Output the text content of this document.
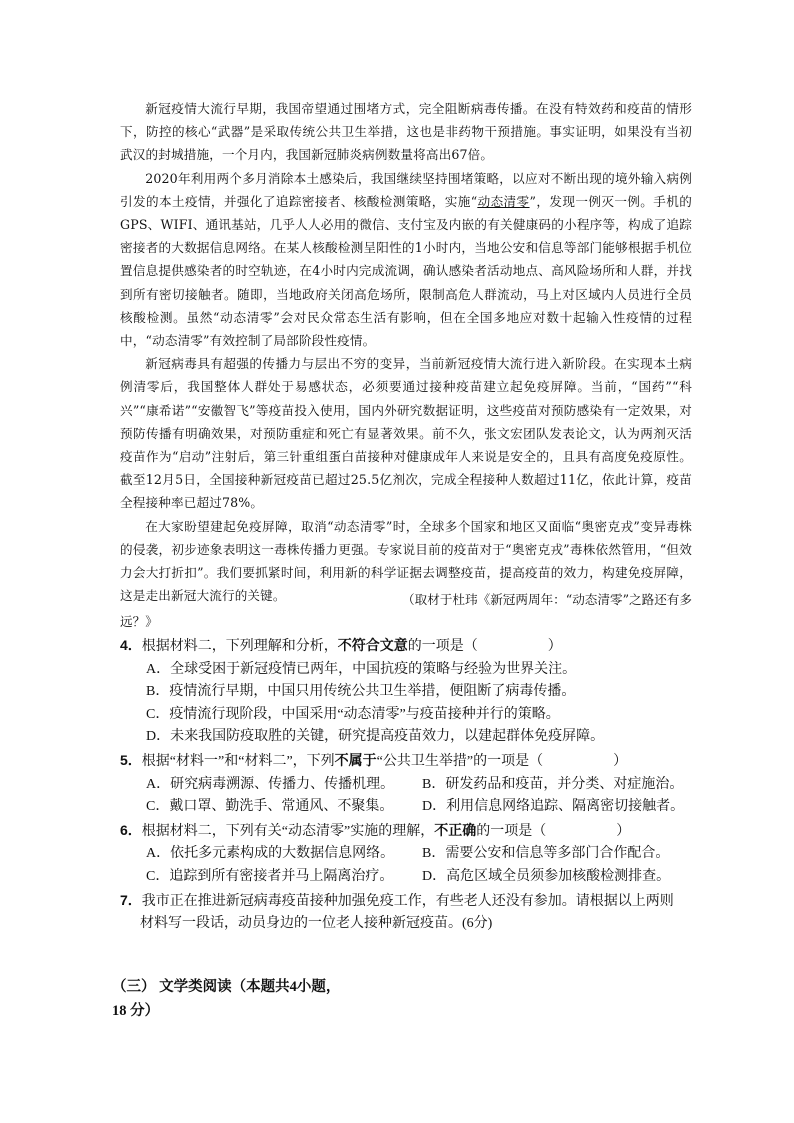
新冠疫情大流行早期，我国帝望通过围堵方式，完全阻断病毒传播。在没有特效药和疫苗的情形下，防控的核心“武器”是采取传统公共卫生举措，这也是非药物干预措施。事实证明，如果没有当初武汉的封城措施，一个月内，我国新冠肺炎病例数量将高出67倍。

2020年利用两个多月消除本土感染后，我国继续坚持围堵策略，以应对不断出现的境外输入病例引发的本土疫情，并强化了追踪密接者、核酸检测策略，实施“动态清零”，发现一例灭一例。手机的GPS、WIFI、通讯基站，几乎人人必用的微信、支付宝及内嵌的有关健康码的小程序等，构成了追踪密接者的大数据信息网络。在某人核酸检测呈阳性的1小时内，当地公安和信息等部门能够根据手机位置信息提供感染者的时空轨迹，在4小时内完成流调，确认感染者活动地点、高风险场所和人群，并找到所有密切接触者。随即，当地政府关闭高危场所，限制高危人群流动，马上对区域内人员进行全员核酸检测。虽然“动态清零”会对民众常态生活有影响，但在全国多地应对数十起输入性疫情的过程中，“动态清零”有效控制了局部阶段性疫情。

新冠病毒具有超强的传播力与层出不穷的变异，当前新冠疫情大流行进入新阶段。在实现本土病例清零后，我国整体人群处于易感状态，必须要通过接种疫苗建立起免疫屏障。当前，“国药”“科兴”“康希诺”“安徽智飞”等疫苗投入使用，国内外研究数据证明，这些疫苗对预防感染有一定效果，对预防传播有明确效果，对预防重症和死亡有显著效果。前不久，张文宏团队发表论文，认为两剂灭活疫苗作为“启动”注射后，第三针重组蛋白苗接种对健康成年人来说是安全的，且具有高度免疫原性。截至12月5日，全国接种新冠疫苗已超过25.5亿剂次，完成全程接种人数超过11亿，依此计算，疫苗全程接种率已超过78%。

在大家盼望建起免疫屏障，取消“动态清零”时，全球多个国家和地区又面临“奥密克戎”变异毒株的侵袭，初步迹象表明这一毒株传播力更强。专家说目前的疫苗对于“奥密克戎”毒株依然管用，“但效力会大打折扣”。我们要抓紧时间，利用新的科学证据去调整疫苗，提高疫苗的效力，构建免疫屏障，这是走出新冠大流行的关键。	（取材于杜玮《新冠两周年：“动态清零”之路还有多
远？》
4．根据材料二，下列理解和分析，不符合文意的一项是（　　　　　）
A．全球受困于新冠疫情已两年，中国抗疫的策略与经验为世界关注。
B．疫情流行早期，中国只用传统公共卫生举措，便阻断了病毒传播。
C．疫情流行现阶段，中国采用“动态清零”与疫苗接种并行的策略。
D．未来我国防疫取胜的关键，研究提高疫苗效力，以建起群体免疫屏障。
5．根据“材料一”和“材料二”，下列不属于“公共卫生举措”的一项是（　　　　　）
A．研究病毒溯源、传播力、传播机理。	B．研发药品和疫苗，并分类、对症施治。
C．戴口罩、勤洗手、常通风、不聚集。	D．利用信息网络追踪、隔离密切接触者。
6．根据材料二，下列有关“动态清零”实施的理解，不正确的一项是（　　　　　）
A．依托多元素构成的大数据信息网络。	B．需要公安和信息等多部门合作配合。
C．追踪到所有密接者并马上隔离治疗。	D．高危区域全员须参加核酸检测排查。
7．我市正在推进新冠病毒疫苗接种加强免疫工作，有些老人还没有参加。请根据以上两则
材料写一段话，动员身边的一位老人接种新冠疫苗。(6分)
（三） 文学类阅读（本题共4小题，
18 分）
